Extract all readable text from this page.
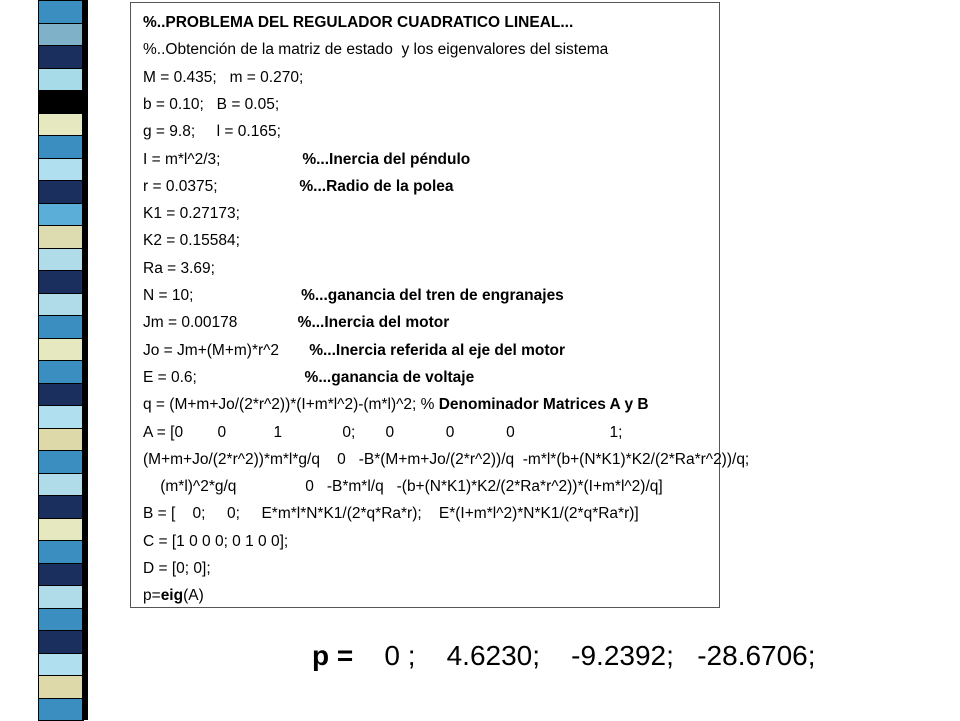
%..PROBLEMA DEL REGULADOR CUADRATICO LINEAL...
%..Obtención de la matriz de estado  y los eigenvalores del sistema
M = 0.435;   m = 0.270;
b = 0.10;   B = 0.05;
g = 9.8;     l = 0.165;
I = m*l^2/3;                   %...Inercia del péndulo
r = 0.0375;                   %...Radio de la polea
K1 = 0.27173;
K2 = 0.15584;
Ra = 3.69;
N = 10;                         %...ganancia del tren de engranajes
Jm = 0.00178              %...Inercia del motor
Jo = Jm+(M+m)*r^2       %...Inercia referida al eje del motor
E = 0.6;                         %...ganancia de voltaje
q = (M+m+Jo/(2*r^2))*(I+m*l^2)-(m*l)^2; % Denominador Matrices A y B
A = [0        0           1              0;       0            0            0                      1;
(M+m+Jo/(2*r^2))*m*l*g/q    0   -B*(M+m+Jo/(2*r^2))/q  -m*l*(b+(N*K1)*K2/(2*Ra*r^2))/q;
(m*l)^2*g/q                0   -B*m*l/q   -(b+(N*K1)*K2/(2*Ra*r^2))*(I+m*l^2)/q]
B = [    0;     0;     E*m*l*N*K1/(2*q*Ra*r);    E*(I+m*l^2)*N*K1/(2*q*Ra*r)]
C = [1 0 0 0; 0 1 0 0];
D = [0; 0];
p=eig(A)
p =    0 ;    4.6230;    -9.2392;   -28.6706;
